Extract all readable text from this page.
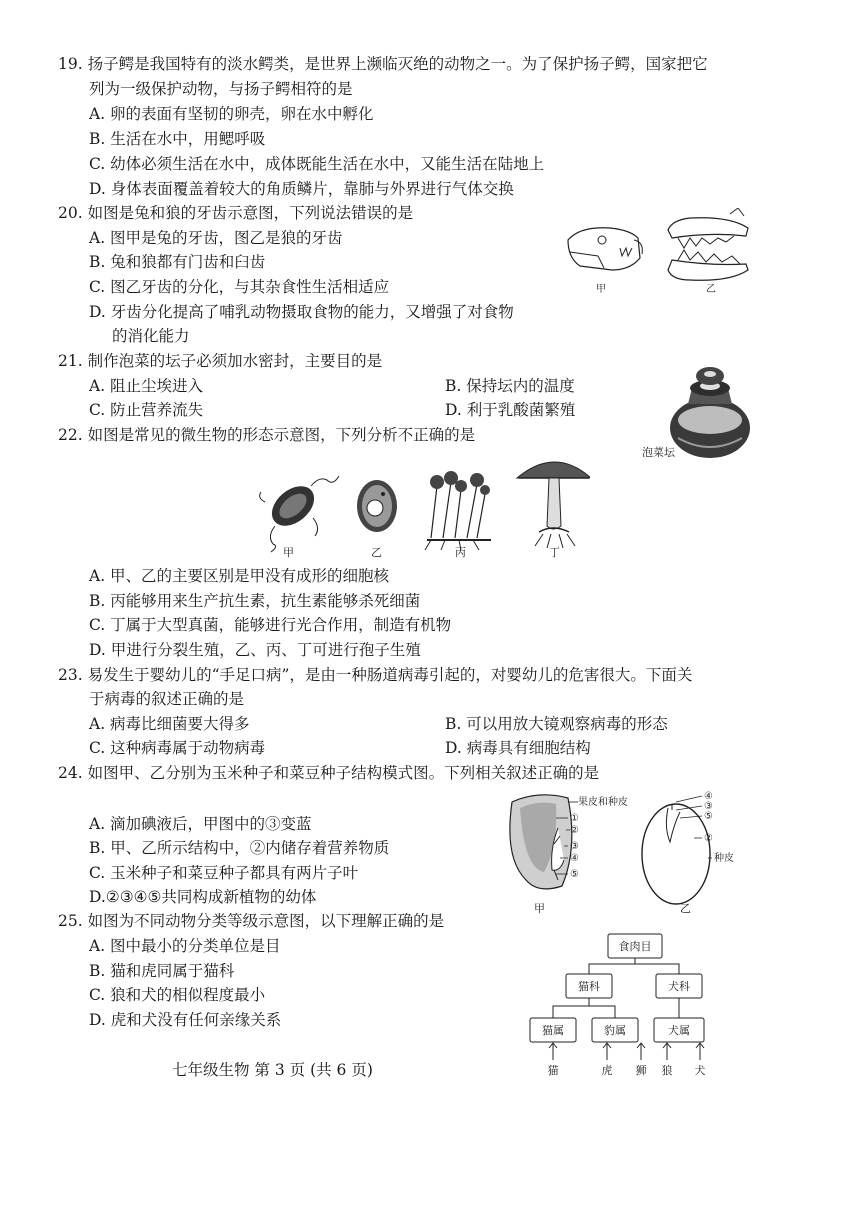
19. 扬子鳄是我国特有的淡水鳄类，是世界上濒临灭绝的动物之一。为了保护扬子鳄，国家把它
列为一级保护动物，与扬子鳄相符的是
A. 卵的表面有坚韧的卵壳，卵在水中孵化
B. 生活在水中，用鳃呼吸
C. 幼体必须生活在水中，成体既能生活在水中，又能生活在陆地上
D. 身体表面覆盖着较大的角质鳞片，靠肺与外界进行气体交换
20. 如图是兔和狼的牙齿示意图，下列说法错误的是
A. 图甲是兔的牙齿，图乙是狼的牙齿
B. 兔和狼都有门齿和臼齿
C. 图乙牙齿的分化，与其杂食性生活相适应
D. 牙齿分化提高了哺乳动物摄取食物的能力，又增强了对食物
的消化能力
甲	乙
21. 制作泡菜的坛子必须加水密封，主要目的是
A. 阻止尘埃进入	B. 保持坛内的温度
C. 防止营养流失	D. 利于乳酸菌繁殖
泡菜坛
22. 如图是常见的微生物的形态示意图，下列分析不正确的是
甲	乙	丙	丁
A. 甲、乙的主要区别是甲没有成形的细胞核
B. 丙能够用来生产抗生素，抗生素能够杀死细菌
C. 丁属于大型真菌，能够进行光合作用，制造有机物
D. 甲进行分裂生殖，乙、丙、丁可进行孢子生殖
23. 易发生于婴幼儿的“手足口病”，是由一种肠道病毒引起的，对婴幼儿的危害很大。下面关
于病毒的叙述正确的是
A. 病毒比细菌要大得多	B. 可以用放大镜观察病毒的形态
C. 这种病毒属于动物病毒	D. 病毒具有细胞结构
24. 如图甲、乙分别为玉米种子和菜豆种子结构模式图。下列相关叙述正确的是
A. 滴加碘液后，甲图中的③变蓝
B. 甲、乙所示结构中，②内储存着营养物质
C. 玉米种子和菜豆种子都具有两片子叶
D.②③④⑤共同构成新植物的幼体
果皮和种皮
①
②
③
④
⑤
甲
④
③
⑤
②
种皮
乙
25. 如图为不同动物分类等级示意图，以下理解正确的是
A. 图中最小的分类单位是目
B. 猫和虎同属于猫科
C. 狼和犬的相似程度最小
D. 虎和犬没有任何亲缘关系
食肉目
猫科	犬科
猫属	豹属	犬属
猫	虎 狮 狼 犬
七年级生物 第 3 页 (共 6 页)
